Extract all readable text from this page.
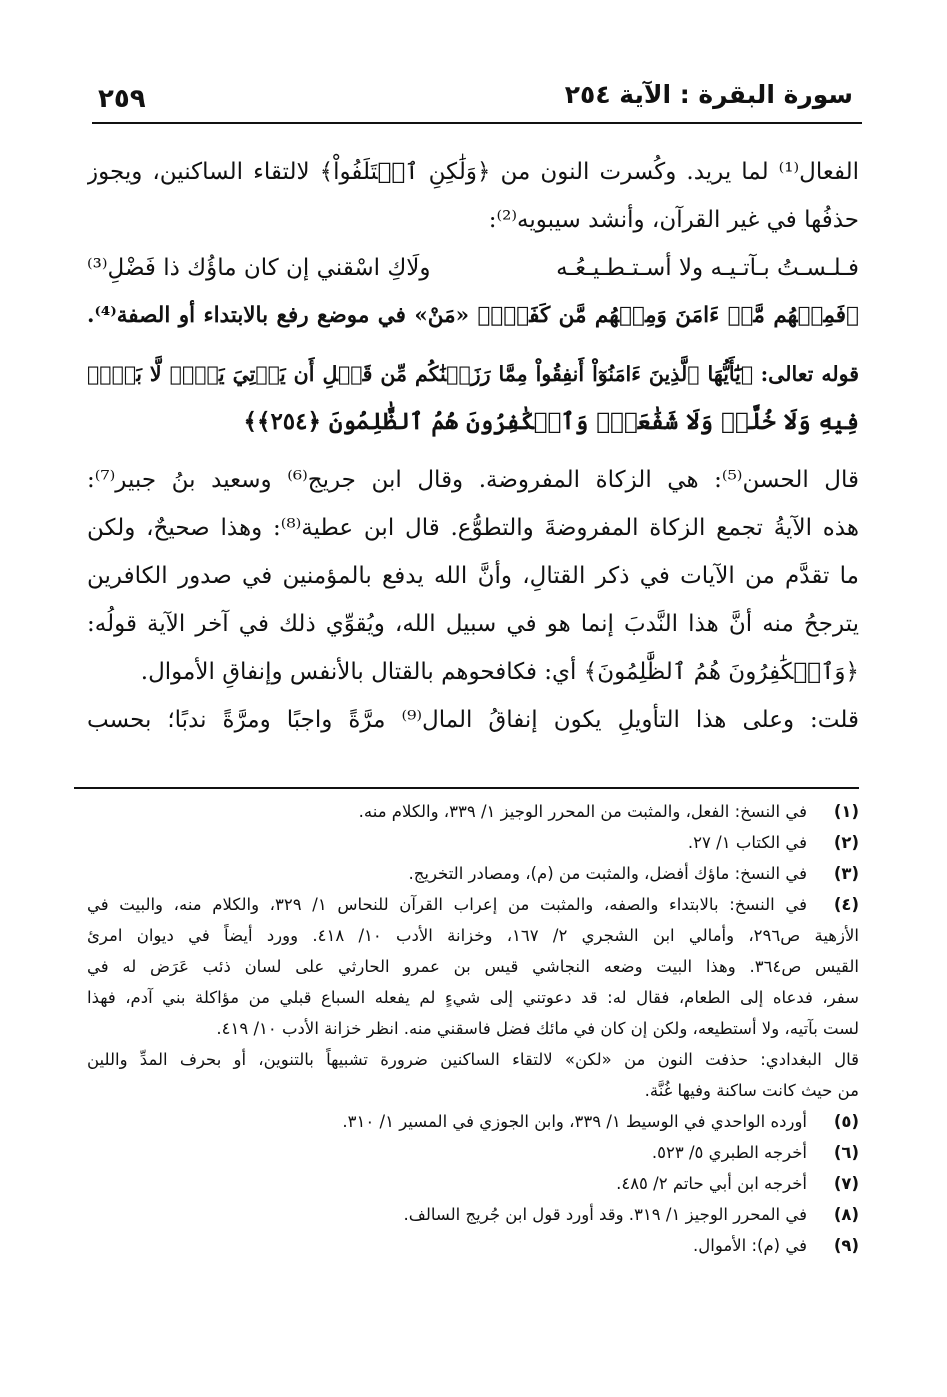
سورة البقرة : الآية ٢٥٤
٢٥٩
الفعال⁽¹⁾ لما يريد. وكُسرت النون من ﴿وَلَٰكِنِ ٱخۡتَلَفُواْ﴾ لالتقاء الساكنين، ويجوز
حذفُها في غير القرآن، وأنشد سيبويه⁽²⁾:
فـلـسـتُ بـآتـيـه ولا أسـتـطـيـعُـه
ولَاكِ اسْقني إن كان ماؤُك ذا فَضْلِ⁽³⁾
﴿فَمِنۡهُم مَّنۡ ءَامَنَ وَمِنۡهُم مَّن كَفَرَۚ﴾ «مَنْ» في موضع رفع بالابتداء أو الصفة⁽⁴⁾.
قوله تعالى: ﴿يَٰٓأَيُّهَا ٱلَّذِينَ ءَامَنُوٓاْ أَنفِقُواْ مِمَّا رَزَقۡنَٰكُم مِّن قَبۡلِ أَن يَأۡتِيَ يَوۡمٞ لَّا بَيۡعٞ
فِيهِ وَلَا خُلَّةٞ وَلَا شَفَٰعَةٞۗ وَٱلۡكَٰفِرُونَ هُمُ ٱلظَّٰلِمُونَ ﴿٢٥٤﴾﴾
قال الحسن⁽⁵⁾: هي الزكاة المفروضة. وقال ابن جريج⁽⁶⁾ وسعيد بنُ جبير⁽⁷⁾:
هذه الآيةُ تجمع الزكاة المفروضةَ والتطوُّع. قال ابن عطية⁽⁸⁾: وهذا صحيحٌ، ولكن
ما تقدَّم من الآيات في ذكر القتالِ، وأنَّ الله يدفع بالمؤمنين في صدور الكافرين
يترجحُ منه أنَّ هذا النَّدبَ إنما هو في سبيل الله، ويُقوِّي ذلك في آخر الآية قولُه:
﴿وَٱلۡكَٰفِرُونَ هُمُ ٱلظَّٰلِمُونَ﴾ أي: فكافحوهم بالقتال بالأنفس وإنفاقِ الأموال.
قلت: وعلى هذا التأويلِ يكون إنفاقُ المال⁽⁹⁾ مرَّةً واجبًا ومرَّةً ندبًا؛ بحسب
(١)
في النسخ: الفعل، والمثبت من المحرر الوجيز ١/ ٣٣٩، والكلام منه.
(٢)
في الكتاب ١/ ٢٧.
(٣)
في النسخ: ماؤك أفضل، والمثبت من (م)، ومصادر التخريج.
(٤)
في النسخ: بالابتداء والصفه، والمثبت من إعراب القرآن للنحاس ١/ ٣٢٩، والكلام منه، والبيت في
الأزهية ص٢٩٦، وأمالي ابن الشجري ٢/ ١٦٧، وخزانة الأدب ١٠/ ٤١٨. وورد أيضاً في ديوان امرئ
القيس ص٣٦٤. وهذا البيت وضعه النجاشي قيس بن عمرو الحارثي على لسان ذئب عَرَض له في
سفر، فدعاه إلى الطعام، فقال له: قد دعوتني إلى شيءٍ لم يفعله السباع قبلي من مؤاكلة بني آدم، فهذا
لست بآتيه، ولا أستطيعه، ولكن إن كان في مائك فضل فاسقني منه. انظر خزانة الأدب ١٠/ ٤١٩.
قال البغدادي: حذفت النون من «لكن» لالتقاء الساكنين ضرورة تشبيهاً بالتنوين، أو بحرف المدِّ واللين
من حيث كانت ساكنة وفيها غُنَّة.
(٥)
أورده الواحدي في الوسيط ١/ ٣٣٩، وابن الجوزي في المسير ١/ ٣١٠.
(٦)
أخرجه الطبري ٥/ ٥٢٣.
(٧)
أخرجه ابن أبي حاتم ٢/ ٤٨٥.
(٨)
في المحرر الوجيز ١/ ٣١٩. وقد أورد قول ابن جُريج السالف.
(٩)
في (م): الأموال.
